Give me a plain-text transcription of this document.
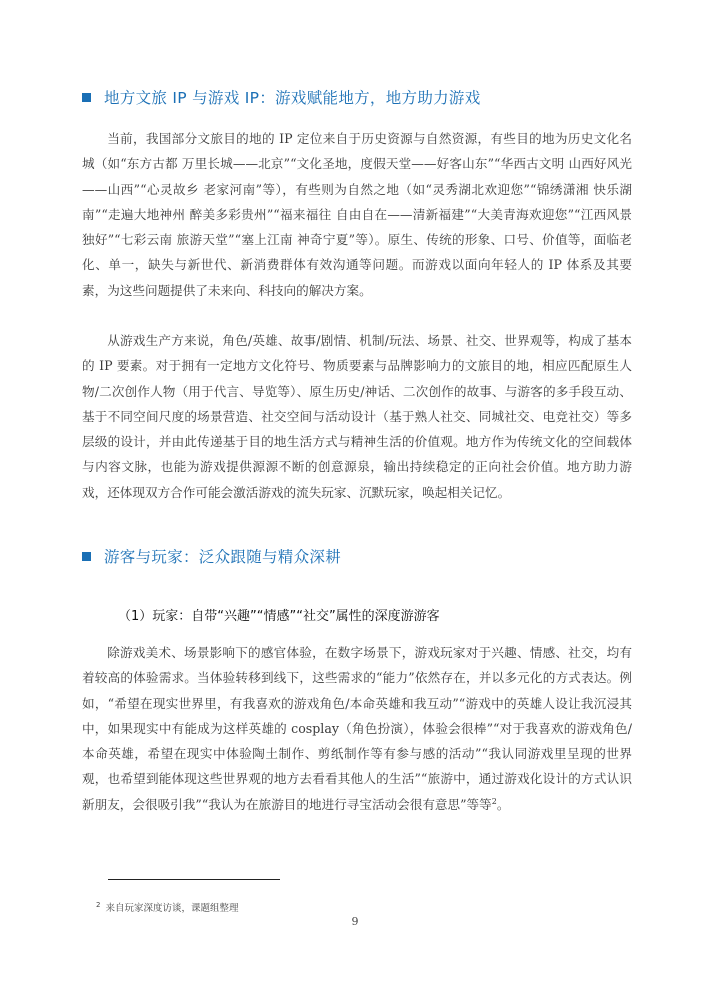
地方文旅 IP 与游戏 IP：游戏赋能地方，地方助力游戏

当前，我国部分文旅目的地的 IP 定位来自于历史资源与自然资源，有些目的地为历史文化名城（如“东方古都 万里长城——北京”“文化圣地，度假天堂——好客山东”“华西古文明 山西好风光——山西”“心灵故乡 老家河南”等），有些则为自然之地（如“灵秀湖北欢迎您”“锦绣潇湘 快乐湖南”“走遍大地神州 醉美多彩贵州”“福来福往 自由自在——清新福建”“大美青海欢迎您”“江西风景独好”“七彩云南 旅游天堂”“塞上江南 神奇宁夏”等）。原生、传统的形象、口号、价值等，面临老化、单一，缺失与新世代、新消费群体有效沟通等问题。而游戏以面向年轻人的 IP 体系及其要素，为这些问题提供了未来向、科技向的解决方案。

从游戏生产方来说，角色/英雄、故事/剧情、机制/玩法、场景、社交、世界观等，构成了基本的 IP 要素。对于拥有一定地方文化符号、物质要素与品牌影响力的文旅目的地，相应匹配原生人物/二次创作人物（用于代言、导览等）、原生历史/神话、二次创作的故事、与游客的多手段互动、基于不同空间尺度的场景营造、社交空间与活动设计（基于熟人社交、同城社交、电竞社交）等多层级的设计，并由此传递基于目的地生活方式与精神生活的价值观。地方作为传统文化的空间载体与内容文脉，也能为游戏提供源源不断的创意源泉，输出持续稳定的正向社会价值。地方助力游戏，还体现双方合作可能会激活游戏的流失玩家、沉默玩家，唤起相关记忆。

游客与玩家：泛众跟随与精众深耕
（1）玩家：自带“兴趣”“情感”“社交”属性的深度游游客

除游戏美术、场景影响下的感官体验，在数字场景下，游戏玩家对于兴趣、情感、社交，均有着较高的体验需求。当体验转移到线下，这些需求的“能力”依然存在，并以多元化的方式表达。例如，“希望在现实世界里，有我喜欢的游戏角色/本命英雄和我互动”“游戏中的英雄人设让我沉浸其中，如果现实中有能成为这样英雄的 cosplay（角色扮演），体验会很棒”“对于我喜欢的游戏角色/本命英雄，希望在现实中体验陶土制作、剪纸制作等有参与感的活动”“我认同游戏里呈现的世界观，也希望到能体现这些世界观的地方去看看其他人的生活”“旅游中，通过游戏化设计的方式认识新朋友，会很吸引我”“我认为在旅游目的地进行寻宝活动会很有意思”等等$^2$。

$^2$ 来自玩家深度访谈，课题组整理
9
